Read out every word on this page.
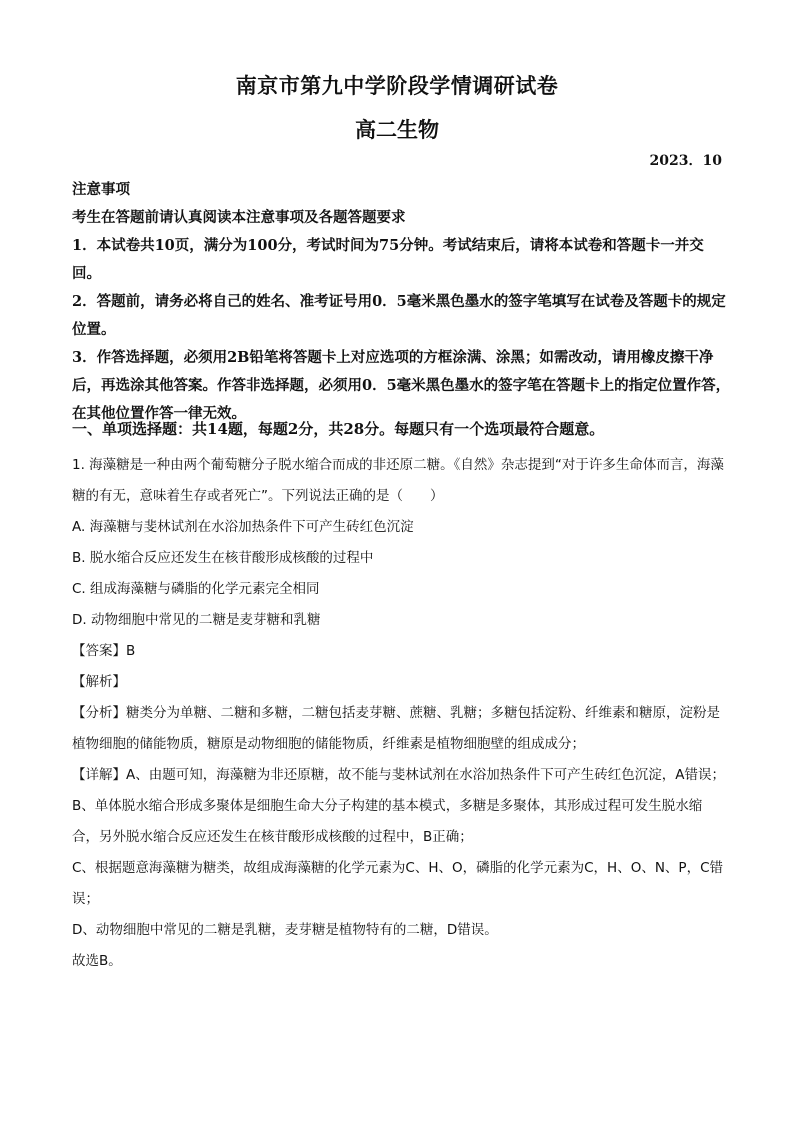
南京市第九中学阶段学情调研试卷
高二生物
2023．10

注意事项

考生在答题前请认真阅读本注意事项及各题答题要求

1．本试卷共10页，满分为100分，考试时间为75分钟。考试结束后，请将本试卷和答题卡一并交回。

2．答题前，请务必将自己的姓名、准考证号用0．5毫米黑色墨水的签字笔填写在试卷及答题卡的规定位置。

3．作答选择题，必须用2B铅笔将答题卡上对应选项的方框涂满、涂黑；如需改动，请用橡皮擦干净后，再选涂其他答案。作答非选择题，必须用0．5毫米黑色墨水的签字笔在答题卡上的指定位置作答，在其他位置作答一律无效。

一、单项选择题：共14题，每题2分，共28分。每题只有一个选项最符合题意。

1. 海藻糖是一种由两个葡萄糖分子脱水缩合而成的非还原二糖。《自然》杂志提到“对于许多生命体而言，海藻糖的有无，意味着生存或者死亡”。下列说法正确的是（　　）

A. 海藻糖与斐林试剂在水浴加热条件下可产生砖红色沉淀

B. 脱水缩合反应还发生在核苷酸形成核酸的过程中

C. 组成海藻糖与磷脂的化学元素完全相同

D. 动物细胞中常见的二糖是麦芽糖和乳糖

【答案】B

【解析】

【分析】糖类分为单糖、二糖和多糖，二糖包括麦芽糖、蔗糖、乳糖；多糖包括淀粉、纤维素和糖原，淀粉是植物细胞的储能物质，糖原是动物细胞的储能物质，纤维素是植物细胞壁的组成成分；

【详解】A、由题可知，海藻糖为非还原糖，故不能与斐林试剂在水浴加热条件下可产生砖红色沉淀，A错误；

B、单体脱水缩合形成多聚体是细胞生命大分子构建的基本模式，多糖是多聚体，其形成过程可发生脱水缩合，另外脱水缩合反应还发生在核苷酸形成核酸的过程中，B正确；

C、根据题意海藻糖为糖类，故组成海藻糖的化学元素为C、H、O，磷脂的化学元素为C，H、O、N、P，C错误；

D、动物细胞中常见的二糖是乳糖，麦芽糖是植物特有的二糖，D错误。

故选B。
